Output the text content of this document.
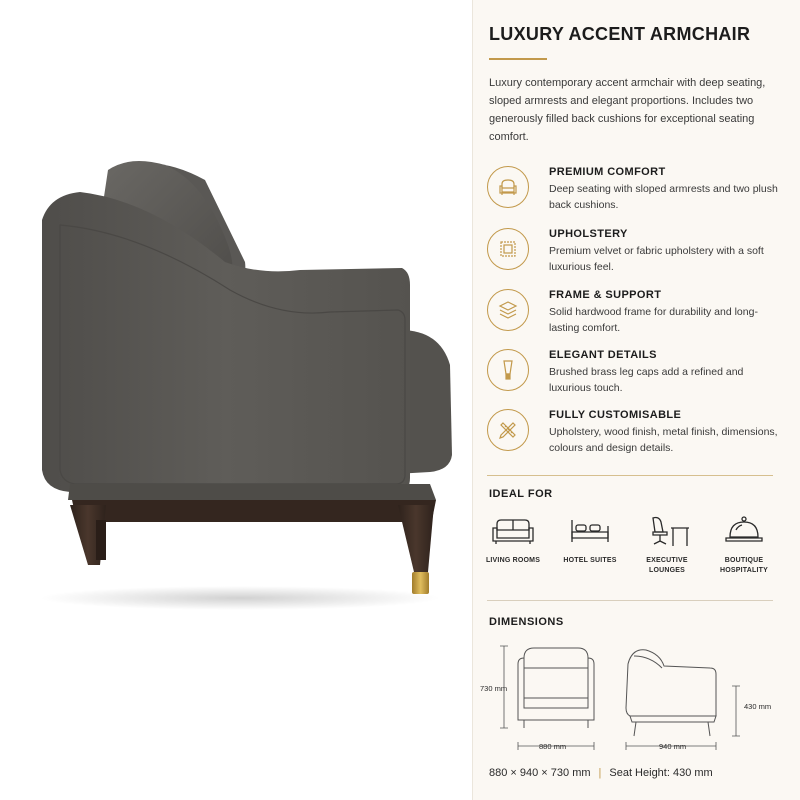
LUXURY ACCENT ARMCHAIR
Luxury contemporary accent armchair with deep seating, sloped armrests and elegant proportions. Includes two generously filled back cushions for exceptional seating comfort.
PREMIUM COMFORT
Deep seating with sloped armrests and two plush back cushions.
UPHOLSTERY
Premium velvet or fabric upholstery with a soft luxurious feel.
FRAME & SUPPORT
Solid hardwood frame for durability and long-lasting comfort.
ELEGANT DETAILS
Brushed brass leg caps add a refined and luxurious touch.
FULLY CUSTOMISABLE
Upholstery, wood finish, metal finish, dimensions, colours and design details.
IDEAL FOR
LIVING ROOMS	HOTEL SUITES	EXECUTIVE LOUNGES
BOUTIQUE HOSPITALITY
DIMENSIONS
730 mm
880 mm	940 mm
430 mm
880 × 940 × 730 mm | Seat Height: 430 mm
